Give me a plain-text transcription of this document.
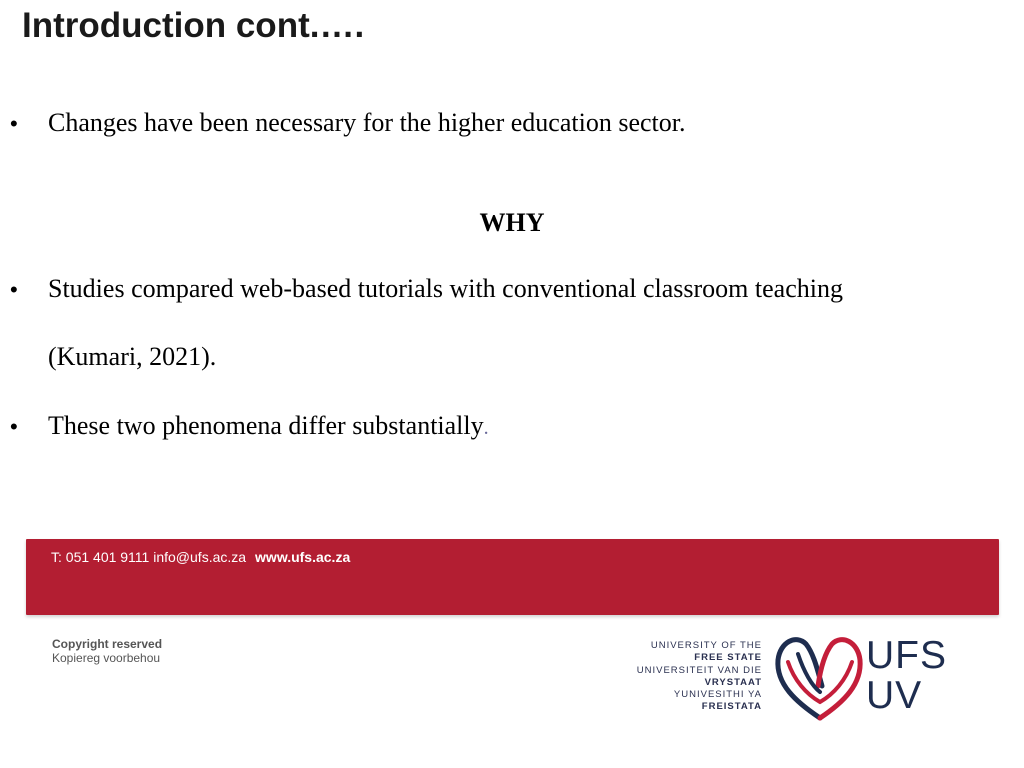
Introduction cont.….
•	Changes have been necessary for the higher education sector.
WHY
•	Studies compared web-based tutorials with conventional classroom teaching
(Kumari, 2021).
•	These two phenomena differ substantially.
T: 051 401 9111 info@ufs.ac.za www.ufs.ac.za
Copyright reserved
Kopiereg voorbehou
UNIVERSITY OF THE
FREE STATE
UNIVERSITEIT VAN DIE
VRYSTAAT
YUNIVESITHI YA
FREISTATA
UFS
UV
